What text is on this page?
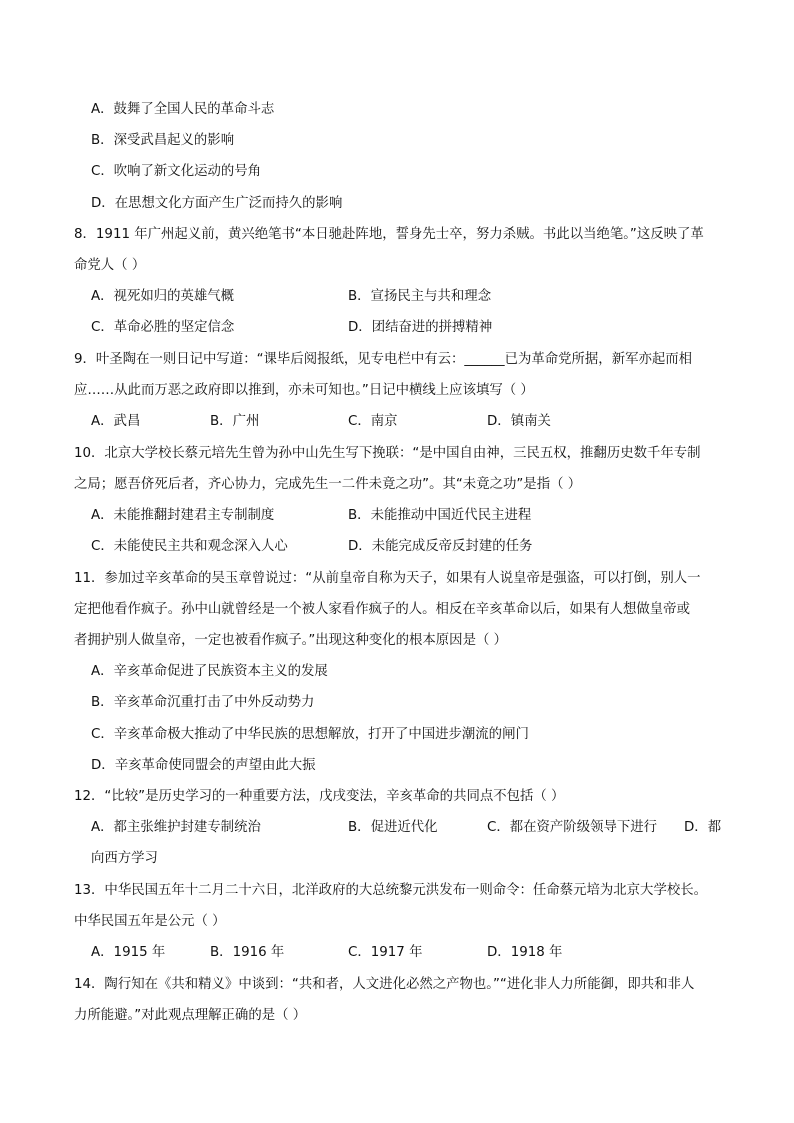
A．鼓舞了全国人民的革命斗志
B．深受武昌起义的影响
C．吹响了新文化运动的号角
D．在思想文化方面产生广泛而持久的影响
8．1911 年广州起义前，黄兴绝笔书“本日驰赴阵地，誓身先士卒，努力杀贼。书此以当绝笔。”这反映了革
命党人（ ）
A．视死如归的英雄气概	B．宣扬民主与共和理念
C．革命必胜的坚定信念	D．团结奋进的拼搏精神
9．叶圣陶在一则日记中写道：“课毕后阅报纸，见专电栏中有云：______已为革命党所据，新军亦起而相
应……从此而万恶之政府即以推到，亦未可知也。”日记中横线上应该填写（ ）
A．武昌	B．广州	C．南京	D．镇南关
10．北京大学校长蔡元培先生曾为孙中山先生写下挽联：“是中国自由神，三民五权，推翻历史数千年专制
之局；愿吾侪死后者，齐心协力，完成先生一二件未竟之功”。其“未竟之功”是指（ ）
A．未能推翻封建君主专制制度	B．未能推动中国近代民主进程
C．未能使民主共和观念深入人心	D．未能完成反帝反封建的任务
11．参加过辛亥革命的吴玉章曾说过：“从前皇帝自称为天子，如果有人说皇帝是强盗，可以打倒，别人一
定把他看作疯子。孙中山就曾经是一个被人家看作疯子的人。相反在辛亥革命以后，如果有人想做皇帝或
者拥护别人做皇帝，一定也被看作疯子。”出现这种变化的根本原因是（ ）
A．辛亥革命促进了民族资本主义的发展
B．辛亥革命沉重打击了中外反动势力
C．辛亥革命极大推动了中华民族的思想解放，打开了中国进步潮流的闸门
D．辛亥革命使同盟会的声望由此大振
12．“比较”是历史学习的一种重要方法，戊戌变法，辛亥革命的共同点不包括（ ）
A．都主张维护封建专制统治	B．促进近代化	C．都在资产阶级领导下进行 D．都
向西方学习
13．中华民国五年十二月二十六日，北洋政府的大总统黎元洪发布一则命令：任命蔡元培为北京大学校长。
中华民国五年是公元（ ）
A．1915 年	B．1916 年	C．1917 年	D．1918 年
14．陶行知在《共和精义》中谈到：“共和者，人文进化必然之产物也。”“进化非人力所能御，即共和非人
力所能避。”对此观点理解正确的是（ ）
